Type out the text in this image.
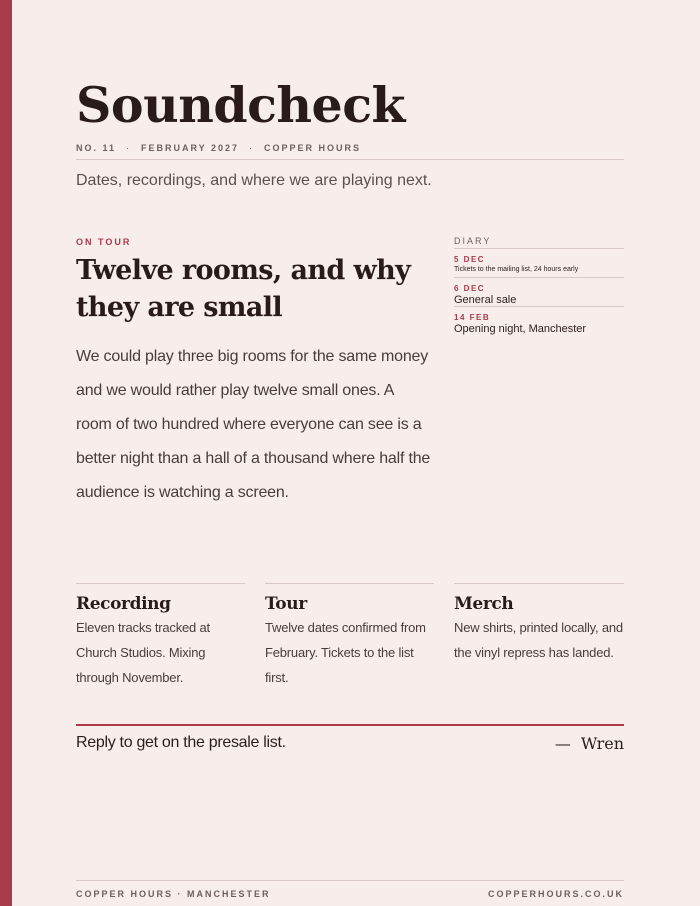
Soundcheck
NO. 11 · FEBRUARY 2027 · COPPER HOURS

Dates, recordings, and where we are playing next.

ON TOUR
Twelve rooms, and why they are small

We could play three big rooms for the same money and we would rather play twelve small ones. A room of two hundred where everyone can see is a better night than a hall of a thousand where half the audience is watching a screen.

DIARY
5 DEC
Tickets to the mailing list, 24 hours early
6 DEC
General sale
14 FEB
Opening night, Manchester
Recording

Eleven tracks tracked at Church Studios. Mixing through November.

Tour

Twelve dates confirmed from February. Tickets to the list first.

Merch

New shirts, printed locally, and the vinyl repress has landed.

Reply to get on the presale list.	— Wren

COPPER HOURS · MANCHESTER	COPPERHOURS.CO.UK
